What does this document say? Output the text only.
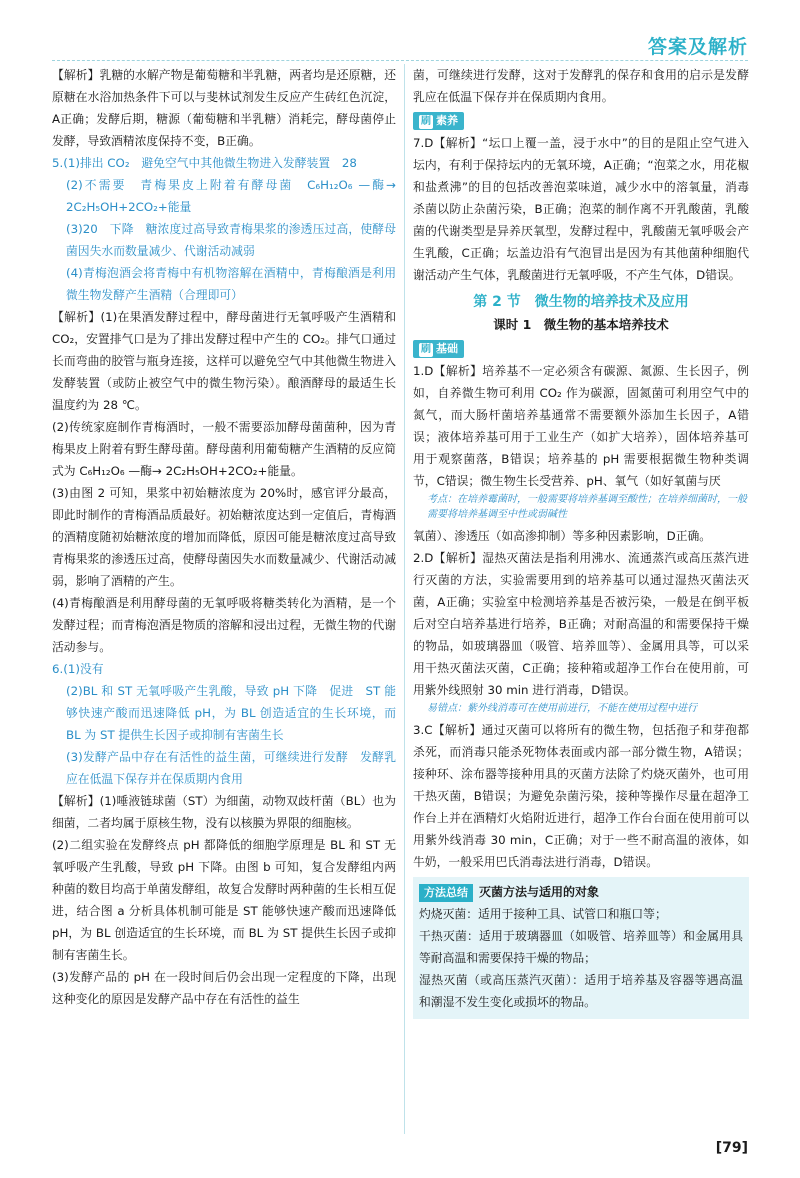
答案及解析

【解析】乳糖的水解产物是葡萄糖和半乳糖，两者均是还原糖，还原糖在水浴加热条件下可以与斐林试剂发生反应产生砖红色沉淀，A正确；发酵后期，糖源（葡萄糖和半乳糖）消耗完，酵母菌停止发酵，导致酒精浓度保持不变，B正确。

5.(1)排出 CO₂　避免空气中其他微生物进入发酵装置　28

(2)不需要　青梅果皮上附着有酵母菌　C₆H₁₂O₆ —酶→ 2C₂H₅OH+2CO₂+能量

(3)20　下降　糖浓度过高导致青梅果浆的渗透压过高，使酵母菌因失水而数量减少、代谢活动减弱

(4)青梅泡酒会将青梅中有机物溶解在酒精中，青梅酿酒是利用微生物发酵产生酒精（合理即可）

【解析】(1)在果酒发酵过程中，酵母菌进行无氧呼吸产生酒精和 CO₂，安置排气口是为了排出发酵过程中产生的 CO₂。排气口通过长而弯曲的胶管与瓶身连接，这样可以避免空气中其他微生物进入发酵装置（或防止被空气中的微生物污染）。酿酒酵母的最适生长温度约为 28 ℃。

(2)传统家庭制作青梅酒时，一般不需要添加酵母菌菌种，因为青梅果皮上附着有野生酵母菌。酵母菌利用葡萄糖产生酒精的反应简式为 C₆H₁₂O₆ —酶→ 2C₂H₅OH+2CO₂+能量。

(3)由图 2 可知，果浆中初始糖浓度为 20%时，感官评分最高，即此时制作的青梅酒品质最好。初始糖浓度达到一定值后，青梅酒的酒精度随初始糖浓度的增加而降低，原因可能是糖浓度过高导致青梅果浆的渗透压过高，使酵母菌因失水而数量减少、代谢活动减弱，影响了酒精的产生。

(4)青梅酿酒是利用酵母菌的无氧呼吸将糖类转化为酒精，是一个发酵过程；而青梅泡酒是物质的溶解和浸出过程，无微生物的代谢活动参与。

6.(1)没有

(2)BL 和 ST 无氧呼吸产生乳酸，导致 pH 下降　促进　ST 能够快速产酸而迅速降低 pH，为 BL 创造适宜的生长环境，而 BL 为 ST 提供生长因子或抑制有害菌生长

(3)发酵产品中存在有活性的益生菌，可继续进行发酵　发酵乳应在低温下保存并在保质期内食用

【解析】(1)唾液链球菌（ST）为细菌，动物双歧杆菌（BL）也为细菌，二者均属于原核生物，没有以核膜为界限的细胞核。

(2)二组实验在发酵终点 pH 都降低的细胞学原理是 BL 和 ST 无氧呼吸产生乳酸，导致 pH 下降。由图 b 可知，复合发酵组内两种菌的数目均高于单菌发酵组，故复合发酵时两种菌的生长相互促进，结合图 a 分析具体机制可能是 ST 能够快速产酸而迅速降低 pH，为 BL 创造适宜的生长环境，而 BL 为 ST 提供生长因子或抑制有害菌生长。

(3)发酵产品的 pH 在一段时间后仍会出现一定程度的下降，出现这种变化的原因是发酵产品中存在有活性的益生

菌，可继续进行发酵，这对于发酵乳的保存和食用的启示是发酵乳应在低温下保存并在保质期内食用。

刷 素养

7.D【解析】“坛口上覆一盖，浸于水中”的目的是阻止空气进入坛内，有利于保持坛内的无氧环境，A正确；“泡菜之水，用花椒和盐煮沸”的目的包括改善泡菜味道，减少水中的溶氧量，消毒杀菌以防止杂菌污染，B正确；泡菜的制作离不开乳酸菌，乳酸菌的代谢类型是异养厌氧型，发酵过程中，乳酸菌无氧呼吸会产生乳酸，C正确；坛盖边沿有气泡冒出是因为有其他菌种细胞代谢活动产生气体，乳酸菌进行无氧呼吸，不产生气体，D错误。

第 2 节　微生物的培养技术及应用

课时 1　微生物的基本培养技术

刷 基础

1.D【解析】培养基不一定必须含有碳源、氮源、生长因子，例如，自养微生物可利用 CO₂ 作为碳源，固氮菌可利用空气中的氮气，而大肠杆菌培养基通常不需要额外添加生长因子，A错误；液体培养基可用于工业生产（如扩大培养），固体培养基可用于观察菌落，B错误；培养基的 pH 需要根据微生物种类调节，C错误；微生物生长受营养、pH、氧气（如好氧菌与厌

考点：在培养霉菌时，一般需要将培养基调至酸性；在培养细菌时，一般需要将培养基调至中性或弱碱性

氧菌）、渗透压（如高渗抑制）等多种因素影响，D正确。

2.D【解析】湿热灭菌法是指利用沸水、流通蒸汽或高压蒸汽进行灭菌的方法，实验需要用到的培养基可以通过湿热灭菌法灭菌，A正确；实验室中检测培养基是否被污染，一般是在倒平板后对空白培养基进行培养，B正确；对耐高温的和需要保持干燥的物品，如玻璃器皿（吸管、培养皿等）、金属用具等，可以采用干热灭菌法灭菌，C正确；接种箱或超净工作台在使用前，可用紫外线照射 30 min 进行消毒，D错误。

易错点：紫外线消毒可在使用前进行，不能在使用过程中进行

3.C【解析】通过灭菌可以将所有的微生物，包括孢子和芽孢都杀死，而消毒只能杀死物体表面或内部一部分微生物，A错误；接种环、涂布器等接种用具的灭菌方法除了灼烧灭菌外，也可用干热灭菌，B错误；为避免杂菌污染，接种等操作尽量在超净工作台上并在酒精灯火焰附近进行，超净工作台台面在使用前可以用紫外线消毒 30 min，C正确；对于一些不耐高温的液体，如牛奶，一般采用巴氏消毒法进行消毒，D错误。

方法总结 灭菌方法与适用的对象

灼烧灭菌：适用于接种工具、试管口和瓶口等；

干热灭菌：适用于玻璃器皿（如吸管、培养皿等）和金属用具等耐高温和需要保持干燥的物品；

湿热灭菌（或高压蒸汽灭菌）：适用于培养基及容器等遇高温和潮湿不发生变化或损坏的物品。

[79]
